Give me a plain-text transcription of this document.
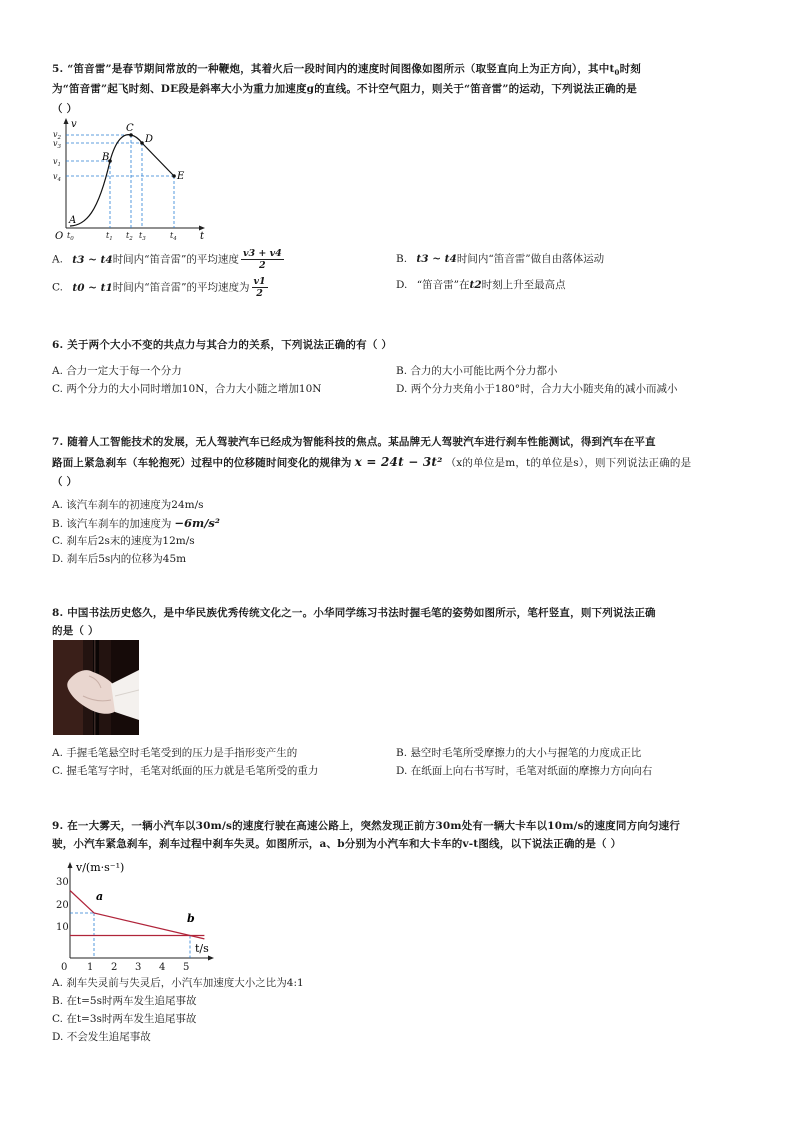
5. “笛音雷”是春节期间常放的一种鞭炮，其着火后一段时间内的速度时间图像如图所示（取竖直向上为正方向），其中$t_0$时刻
为“笛音雷”起飞时刻、DE段是斜率大小为重力加速度g的直线。不计空气阻力，则关于“笛音雷”的运动，下列说法正确的是
（ ）
v
t
O
A
B
C
D
E
$v_2$
$v_3$
$v_1$
$v_4$
$t_0$	$t_1$ $t_2$ $t_3$	$t_4$
A. t3 ~ t4时间内“笛音雷”的平均速度 $\frac{v3 + v4}{2}$	B. t3 ~ t4时间内“笛音雷”做自由落体运动
C. t0 ~ t1时间内“笛音雷”的平均速度为 $\frac{v1}{2}$	D. “笛音雷”在t2时刻上升至最高点
6. 关于两个大小不变的共点力与其合力的关系，下列说法正确的有（ ）
A. 合力一定大于每一个分力	B. 合力的大小可能比两个分力都小
C. 两个分力的大小同时增加10N，合力大小随之增加10N	D. 两个分力夹角小于180°时，合力大小随夹角的减小而减小
7. 随着人工智能技术的发展，无人驾驶汽车已经成为智能科技的焦点。某品牌无人驾驶汽车进行刹车性能测试，得到汽车在平直
路面上紧急刹车（车轮抱死）过程中的位移随时间变化的规律为 x = 24t − 3t² （x的单位是m，t的单位是s），则下列说法正确的是
（ ）
A. 该汽车刹车的初速度为24m/s
B. 该汽车刹车的加速度为 −6m/s²
C. 刹车后2s末的速度为12m/s
D. 刹车后5s内的位移为45m
8. 中国书法历史悠久，是中华民族优秀传统文化之一。小华同学练习书法时握毛笔的姿势如图所示，笔杆竖直，则下列说法正确
的是（ ）
A. 手握毛笔悬空时毛笔受到的压力是手指形变产生的	B. 悬空时毛笔所受摩擦力的大小与握笔的力度成正比
C. 握毛笔写字时，毛笔对纸面的压力就是毛笔所受的重力	D. 在纸面上向右书写时，毛笔对纸面的摩擦力方向向右
9. 在一大雾天，一辆小汽车以30m/s的速度行驶在高速公路上，突然发现正前方30m处有一辆大卡车以10m/s的速度同方向匀速行
驶，小汽车紧急刹车，刹车过程中刹车失灵。如图所示，a、b分别为小汽车和大卡车的v-t图线，以下说法正确的是（ ）
v/(m·s⁻¹)
t/s
30
20
10
0 1 2 3 4 5
a
b
A. 刹车失灵前与失灵后，小汽车加速度大小之比为4:1
B. 在t=5s时两车发生追尾事故
C. 在t=3s时两车发生追尾事故
D. 不会发生追尾事故
